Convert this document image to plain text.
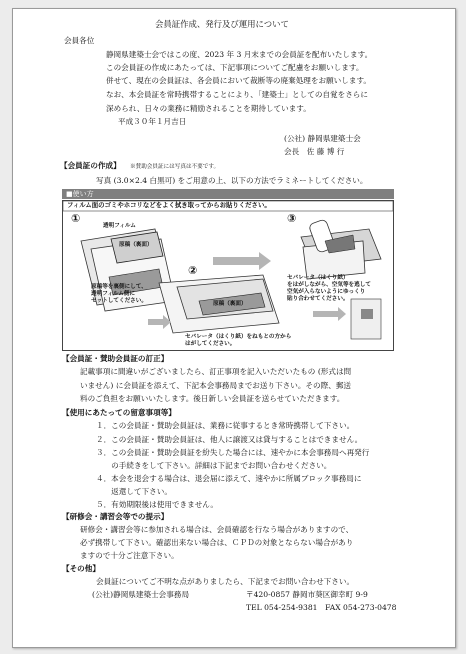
会員証作成、発行及び運用について
会員各位
静岡県建築士会ではこの度、2023 年 3 月末までの会員証を配布いたします。
この会員証の作成にあたっては、下記事項についてご配慮をお願いします。
併せて、現在の会員証は、各会員において裁断等の廃棄処理をお願いします。
なお、本会員証を常時携帯することにより、「建築士」としての自覚をさらに
深められ、日々の業務に精励されることを期待しています。
平成３０年１月吉日
(公社) 静岡県建築士会
会長　佐 藤 博 行
【会員証の作成】 ※賛助会員証には写真は不要です。
写真 (3.0×2.4 白黒可) をご用意の上、以下の方法でラミネートしてください。
■使い方
フィルム面のゴミやホコリなどをよく拭き取ってからお貼りください。
①
②
③
透明フィルム
原稿（裏面）
原稿（裏面）
原稿等を裏側にして、
透明フィルム側に
セットしてください。
セパレータ（はくり紙）をねもとの方から
はがしてください。
セパレータ（はくり紙）
をはがしながら、空気等を逃して
空気が入らないようにゆっくり
貼り合わせてください。
【会員証・賛助会員証の訂正】
記載事項に間違いがございましたら、訂正事項を記入いただいたもの (形式は問
いません) に会員証を添えて、下記本会事務局までお送り下さい。その際、郵送
料のご負担をお願いいたします。後日新しい会員証を送らせていただきます。
【使用にあたっての留意事項等】
１．この会員証・賛助会員証は、業務に従事するとき常時携帯して下さい。
２．この会員証・賛助会員証は、他人に譲渡又は貸与することはできません。
３．この会員証・賛助会員証を紛失した場合には、速やかに本会事務局へ再発行
　　の手続きをして下さい。詳細は下記までお問い合わせください。
４．本会を退会する場合は、退会届に添えて、速やかに所属ブロック事務局に
　　返還して下さい。
５．有効期限後は使用できません。
【研修会・講習会等での提示】
研修会・講習会等に参加される場合は、会員確認を行なう場合がありますので、
必ず携帯して下さい。確認出来ない場合は、ＣＰＤの対象とならない場合があり
ますので十分ご注意下さい。
【その他】
会員証についてご不明な点がありましたら、下記までお問い合わせ下さい。
(公社)静岡県建築士会事務局	〒420-0857 静岡市葵区御幸町 9-9
TEL 054-254-9381　FAX 054-273-0478
